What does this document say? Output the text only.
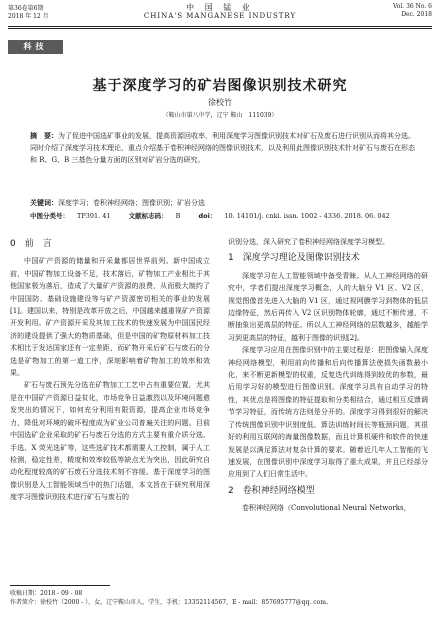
第36卷第6期
2018 年 12 月
中 国 锰 业
CHINA'S MANGANESE INDUSTRY
Vol. 36 No. 6
Dec. 2018
科技
基于深度学习的矿岩图像识别技术研究
徐校竹
（鞍山市第八中学，辽宁 鞍山　111039）
摘　要：为了促进中国选矿事业的发展，提高资源回收率，利用深度学习图像识别技术对矿石及废石进行识别从而将其分选。同时介绍了深度学习技术理论，重点介绍基于卷积神经网络的图像识别技术，以及利用此图像识别技术针对矿石与废石在形态和 R、G、B 三基色分量方面的区别对矿岩分选的研究。
关键词：深度学习；卷积神经网络；图像识别；矿岩分选
中图分类号： TP391. 41	文献标志码： B	doi： 10. 14101/j. cnki. issn. 1002 - 4336. 2018. 06. 042
0　前　言

中国矿产资源的储量和开采量都居世界前列。新中国成立前，中国矿物加工设备不足，技术落后，矿物加工产业相比于其他国家极为落后，造成了大量矿产资源的浪费，从而极大制约了中国国防、基础设施建设等与矿产资源密切相关的事业的发展[1]。建国以来，特别是改革开放之后，中国越来越重视矿产资源开发利用。矿产资源开采及其加工技术的快速发展为中国国民经济的建设提供了强大的物质基础，但是中国的矿物原材料加工技术相比于发达国家还有一定差距，而矿物开采后矿石与废石的分选是矿物加工的第一道工序，深刻影响着矿物加工的效率和效果。

矿石与废石预先分选在矿物加工工艺中占有重要位置，尤其是在中国矿产资源日益贫化，市场竞争日益激烈以及环境问题愈发突出的情况下，如何充分利用有限资源，提高企业市场竞争力，降低对环境的破坏程度成为矿业公司普遍关注的问题。目前中国选矿企业采取的矿石与废石分选的方式主要有重介质分选、手选、X 荧光选矿等，这些选矿技术都需要人工控制，属于人工检测，稳定性差，精度和效率较低等缺点尤为突出，因此研究自动化程度较高的矿石废石分选技术刻不容缓。基于深度学习的图像识别是人工智能领域当中的热门话题，本文旨在于研究利用深度学习图像识别技术进行矿石与废石的

识别分选，深入研究了卷积神经网络深度学习模型。

1　深度学习理论及图像识别技术

深度学习在人工智能领域中备受青睐。从人工神经网络的研究中，学者们提出深度学习概念，人的大脑分 V1 区、V2 区，视觉图像首先进入大脑的 V1 区，通过视网膜学习到物体的低层边缘特征，然后再传入 V2 区识别物体轮廓，通过不断传递，不断抽象出更高层的特征。所以人工神经网络的层数越多，越能学习到更高层的特征，越利于图像的识别[2]。

深度学习应用在图像识别中的主要过程是：把图像输入深度神经网络模型，利用前向传播和后向传播算法使损失函数最小化，来不断更新模型的权重，反复迭代训练得到较优的参数，最后用学习好的模型进行图像识别。深度学习具有自动学习的特性，其优点是将图像的特征提取和分类相结合，通过相互反馈调节学习特征，而传统方法则是分开的。深度学习得到很好的解决了传统图像识别中识别度低、算法训练时间长等瓶颈问题，其很好的利用互联网的海量图像数据，而且计算机硬件和软件的快速发展是以满足算法对复杂计算的要求。随着近几年人工智能的飞速发展，在图像识别中深度学习取得了重大成果，并且已经部分应用到了人们日常生活中。

2　卷积神经网络模型

卷积神经网络（Convolutional Neural Networks，

收稿日期：2018 - 09 - 08
作者简介：徐校竹（2000 - ），女，辽宁鞍山市人，学生，手机：13352114567，E - mail：857695777@qq. com。
